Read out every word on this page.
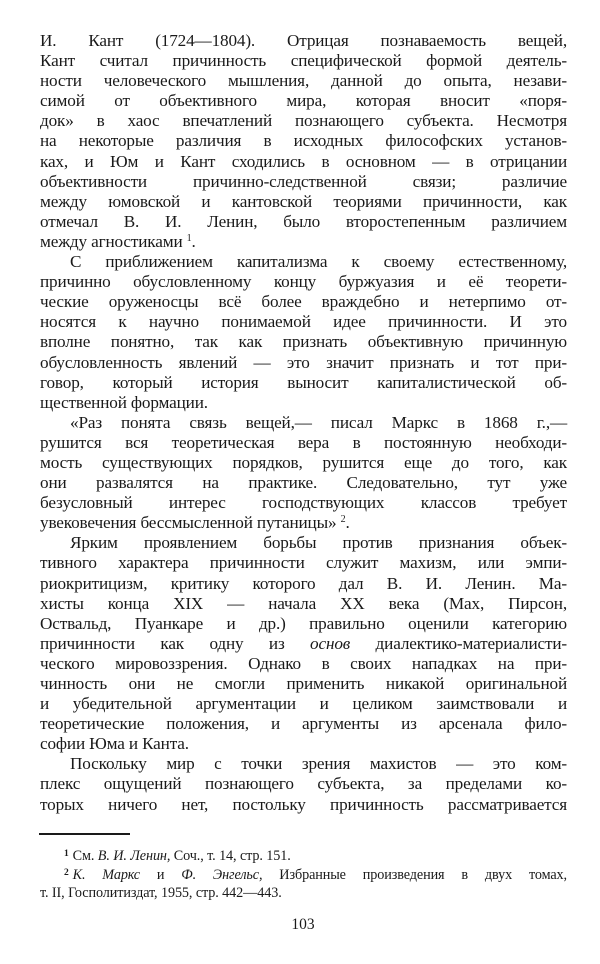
И. Кант (1724—1804). Отрицая познаваемость вещей,
Кант считал причинность специфической формой деятель-
ности человеческого мышления, данной до опыта, незави-
симой от объективного мира, которая вносит «поря-
док» в хаос впечатлений познающего субъекта. Несмотря
на некоторые различия в исходных философских установ-
ках, и Юм и Кант сходились в основном — в отрицании
объективности причинно-следственной связи; различие
между юмовской и кантовской теориями причинности, как
отмечал В. И. Ленин, было второстепенным различием
между агностиками $^1$.
С приближением капитализма к своему естественному,
причинно обусловленному концу буржуазия и её теорети-
ческие оруженосцы всё более враждебно и нетерпимо от-
носятся к научно понимаемой идее причинности. И это
вполне понятно, так как признать объективную причинную
обусловленность явлений — это значит признать и тот при-
говор, который история выносит капиталистической об-
щественной формации.
«Раз понята связь вещей,— писал Маркс в 1868 г.,—
рушится вся теоретическая вера в постоянную необходи-
мость существующих порядков, рушится еще до того, как
они развалятся на практике. Следовательно, тут уже
безусловный интерес господствующих классов требует
увековечения бессмысленной путаницы» $^2$.
Ярким проявлением борьбы против признания объек-
тивного характера причинности служит махизм, или эмпи-
риокритицизм, критику которого дал В. И. Ленин. Ма-
хисты конца XIX — начала XX века (Мах, Пирсон,
Оствальд, Пуанкаре и др.) правильно оценили категорию
причинности как одну из основ диалектико-материалисти-
ческого мировоззрения. Однако в своих нападках на при-
чинность они не смогли применить никакой оригинальной
и убедительной аргументации и целиком заимствовали и
теоретические положения, и аргументы из арсенала фило-
софии Юма и Канта.
Поскольку мир с точки зрения махистов — это ком-
плекс ощущений познающего субъекта, за пределами ко-
торых ничего нет, постольку причинность рассматривается
$^1$ См. В. И. Ленин, Соч., т. 14, стр. 151.
$^2$ К. Маркс и Ф. Энгельс, Избранные произведения в двух томах,
т. II, Госполитиздат, 1955, стр. 442—443.
103
